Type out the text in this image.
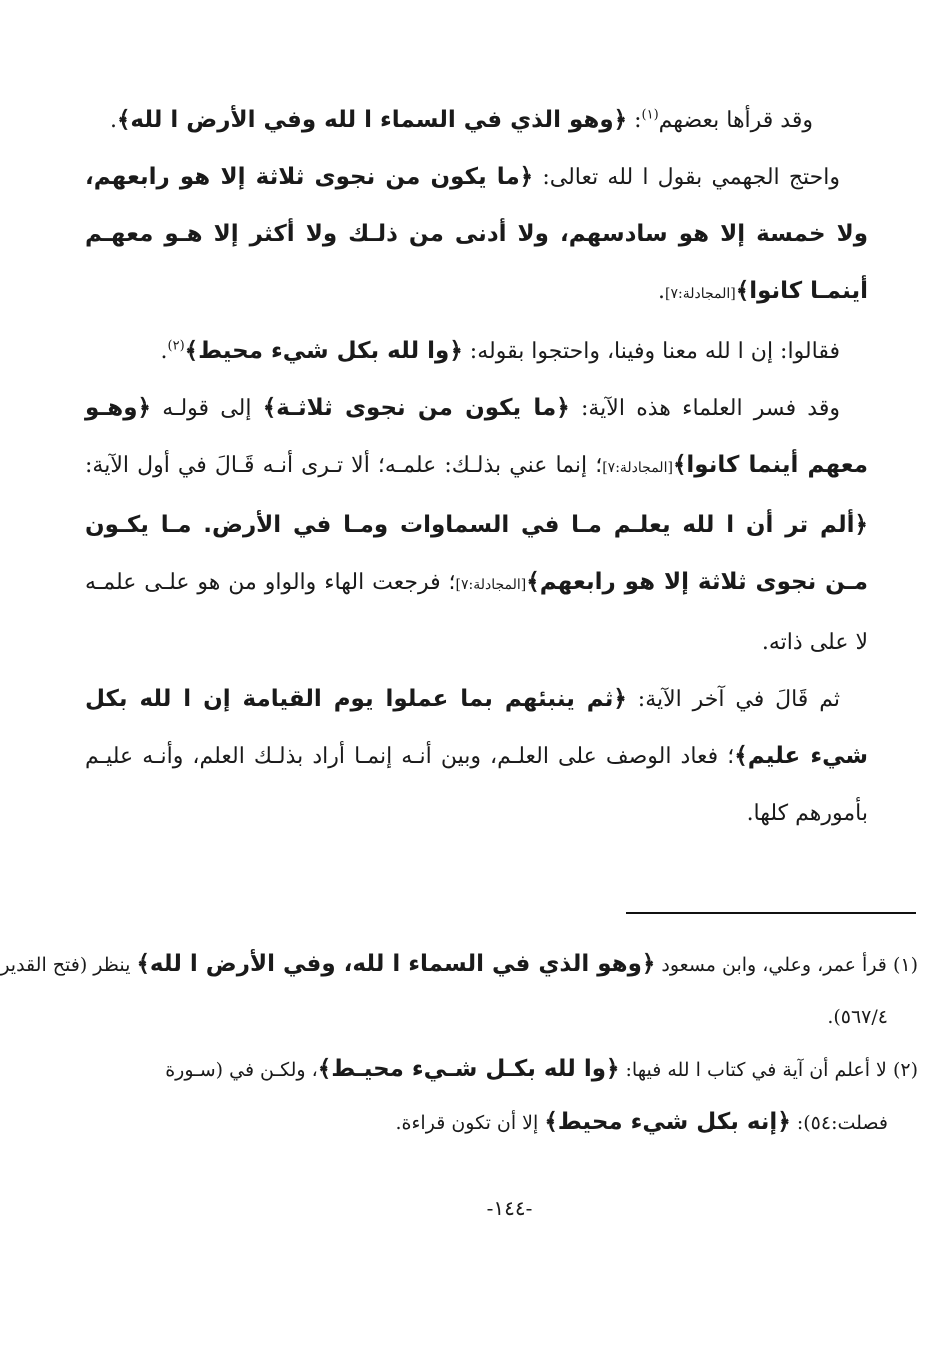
وقد قرأها بعضهم$^{(١)}$: ﴿وهو الذي في السماء ا لله وفي الأرض ا لله﴾.

واحتج الجهمي بقول ا لله تعالى: ﴿ما يكون من نجوى ثلاثة إلا هو رابعهم، ولا خمسة إلا هو سادسهم، ولا أدنى من ذلـك ولا أكثر إلا هـو معهـم أينمـا كانوا﴾[المجادلة:٧].

فقالوا: إن ا لله معنا وفينا، واحتجوا بقوله: ﴿وا لله بكل شيء محيط﴾$^{(٢)}$.

وقد فسر العلماء هذه الآية: ﴿ما يكون من نجوى ثلاثـة﴾ إلى قولـه ﴿وهـو معهم أينما كانوا﴾[المجادلة:٧]؛ إنما عني بذلـك: علمـه؛ ألا تـرى أنـه قَـالَ في أول الآية: ﴿ألم تر أن ا لله يعلـم مـا في السماوات ومـا في الأرض. مـا يكـون مـن نجوى ثلاثة إلا هو رابعهم﴾[المجادلة:٧]؛ فرجعت الهاء والواو من هو علـى علمـه لا على ذاته.

ثم قَالَ في آخر الآية: ﴿ثم ينبئهم بما عملوا يوم القيامة إن ا لله بكل شيء عليم﴾؛ فعاد الوصف على العلـم، وبين أنـه إنمـا أراد بذلـك العلم، وأنـه عليـم بأمورهم كلها.

(١) قرأ عمر، وعلي، وابن مسعود ﴿وهو الذي في السماء ا لله، وفي الأرض ا لله﴾ ينظر (فتح القدير
٥٦٧/٤).

(٢) لا أعلم أن آية في كتاب ا لله فيها: ﴿وا لله بكـل شـيء محيـط﴾، ولكـن في (سـورة
فصلت:٥٤): ﴿إنه بكل شيء محيط﴾ إلا أن تكون قراءة.

-١٤٤-
